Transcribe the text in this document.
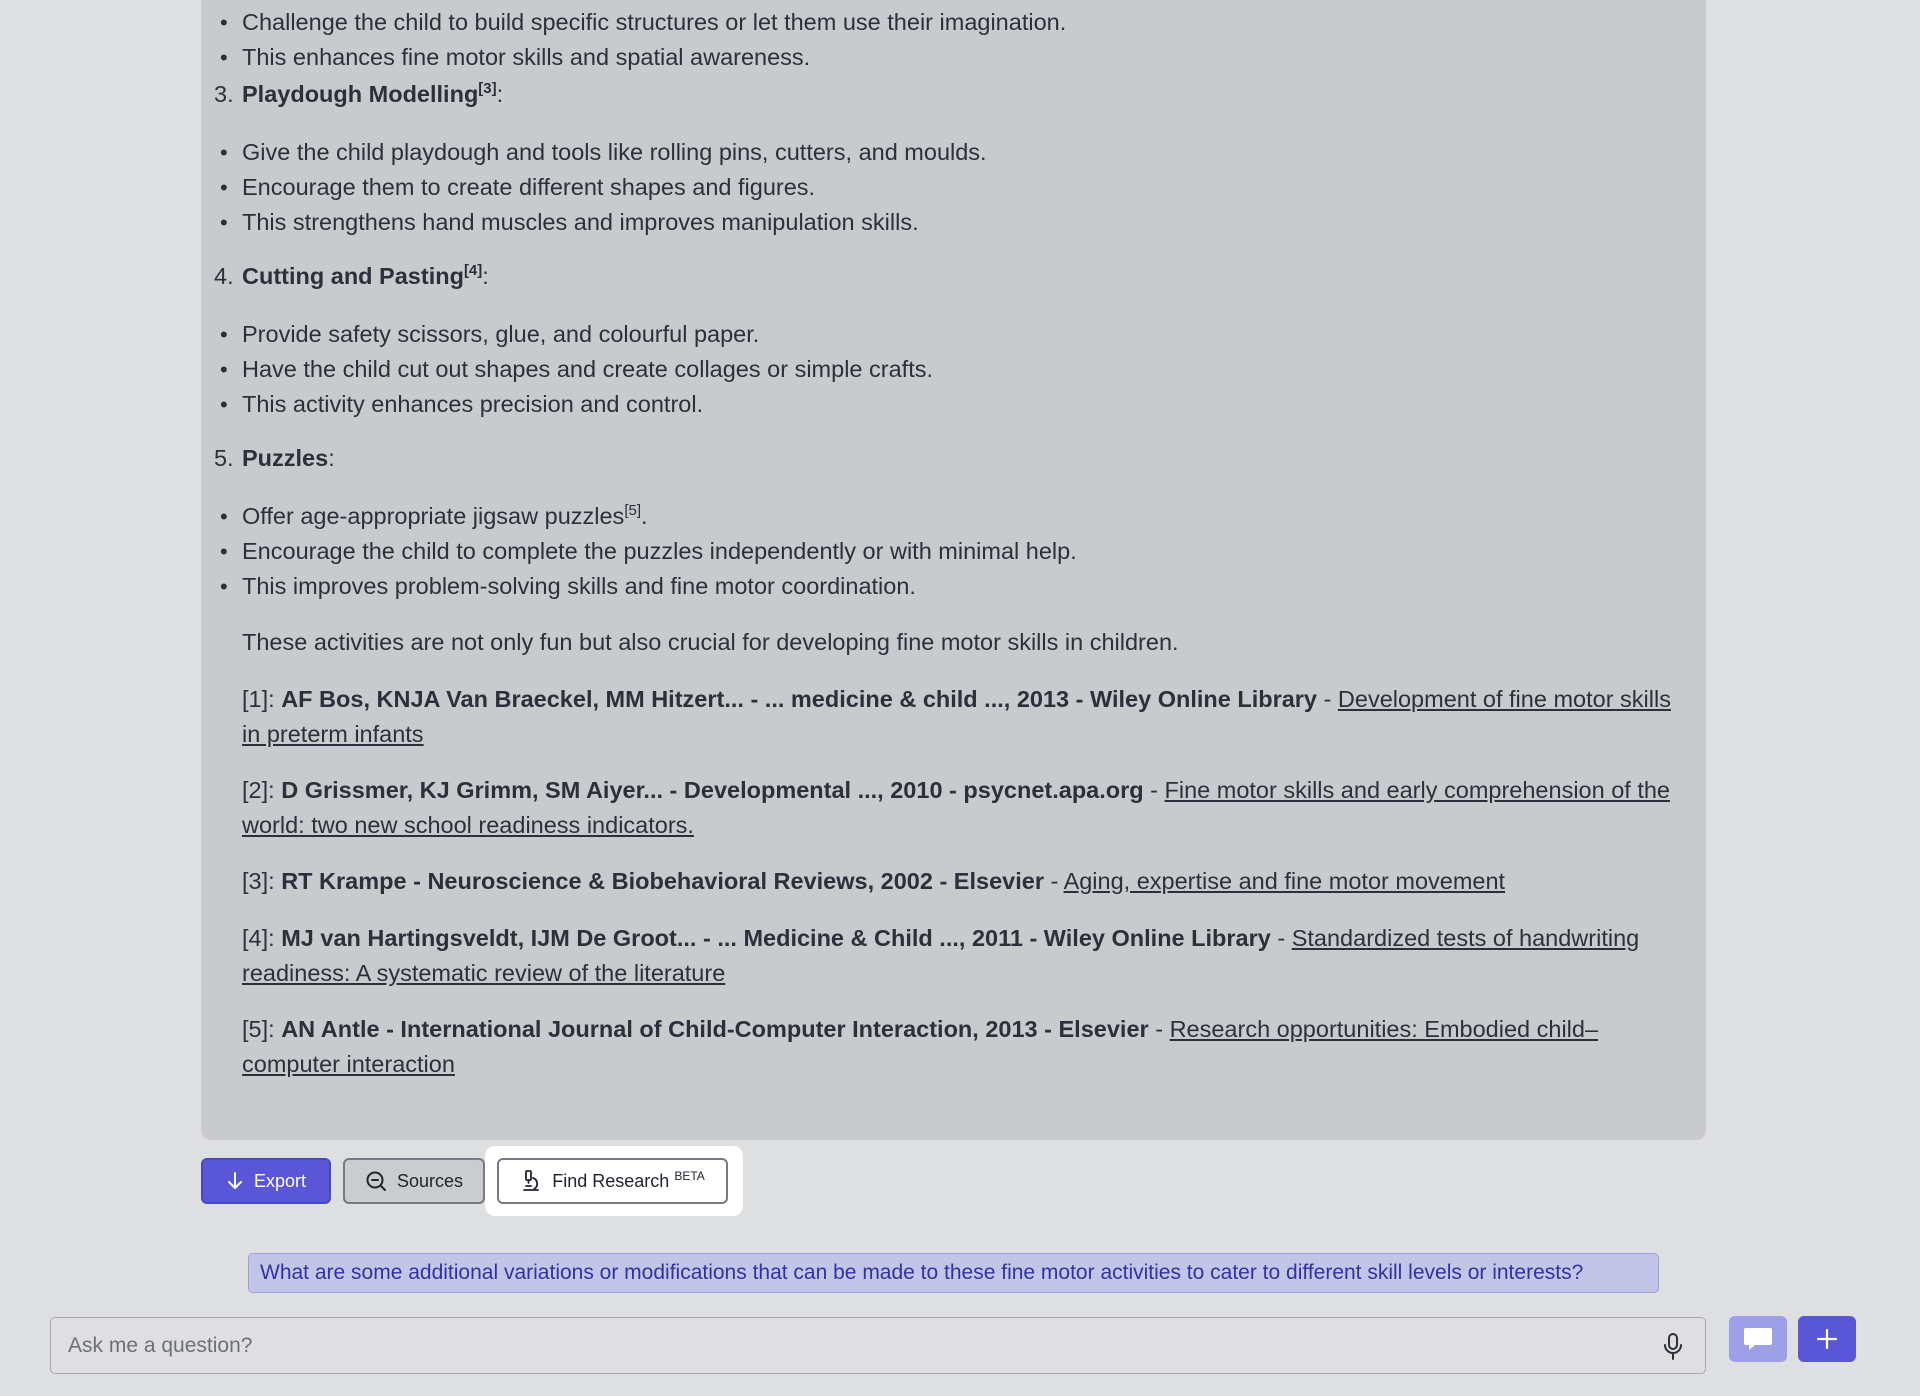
• Challenge the child to build specific structures or let them use their imagination.
• This enhances fine motor skills and spatial awareness.
3. Playdough Modelling[3]:
• Give the child playdough and tools like rolling pins, cutters, and moulds.
• Encourage them to create different shapes and figures.
• This strengthens hand muscles and improves manipulation skills.
4. Cutting and Pasting[4]:
• Provide safety scissors, glue, and colourful paper.
• Have the child cut out shapes and create collages or simple crafts.
• This activity enhances precision and control.
5. Puzzles:
• Offer age-appropriate jigsaw puzzles[5].
• Encourage the child to complete the puzzles independently or with minimal help.
• This improves problem-solving skills and fine motor coordination.

These activities are not only fun but also crucial for developing fine motor skills in children.

[1]: AF Bos, KNJA Van Braeckel, MM Hitzert... - ... medicine & child ..., 2013 - Wiley Online Library - Development of fine motor skills in preterm infants

[2]: D Grissmer, KJ Grimm, SM Aiyer... - Developmental ..., 2010 - psycnet.apa.org - Fine motor skills and early comprehension of the world: two new school readiness indicators.

[3]: RT Krampe - Neuroscience & Biobehavioral Reviews, 2002 - Elsevier - Aging, expertise and fine motor movement

[4]: MJ van Hartingsveldt, IJM De Groot... - ... Medicine & Child ..., 2011 - Wiley Online Library - Standardized tests of handwriting readiness: A systematic review of the literature

[5]: AN Antle - International Journal of Child-Computer Interaction, 2013 - Elsevier - Research opportunities: Embodied child–computer interaction

Export	Sources	Find Research $^{BETA}$
What are some additional variations or modifications that can be made to these fine motor activities to cater to different skill levels or interests?
Ask me a question?
